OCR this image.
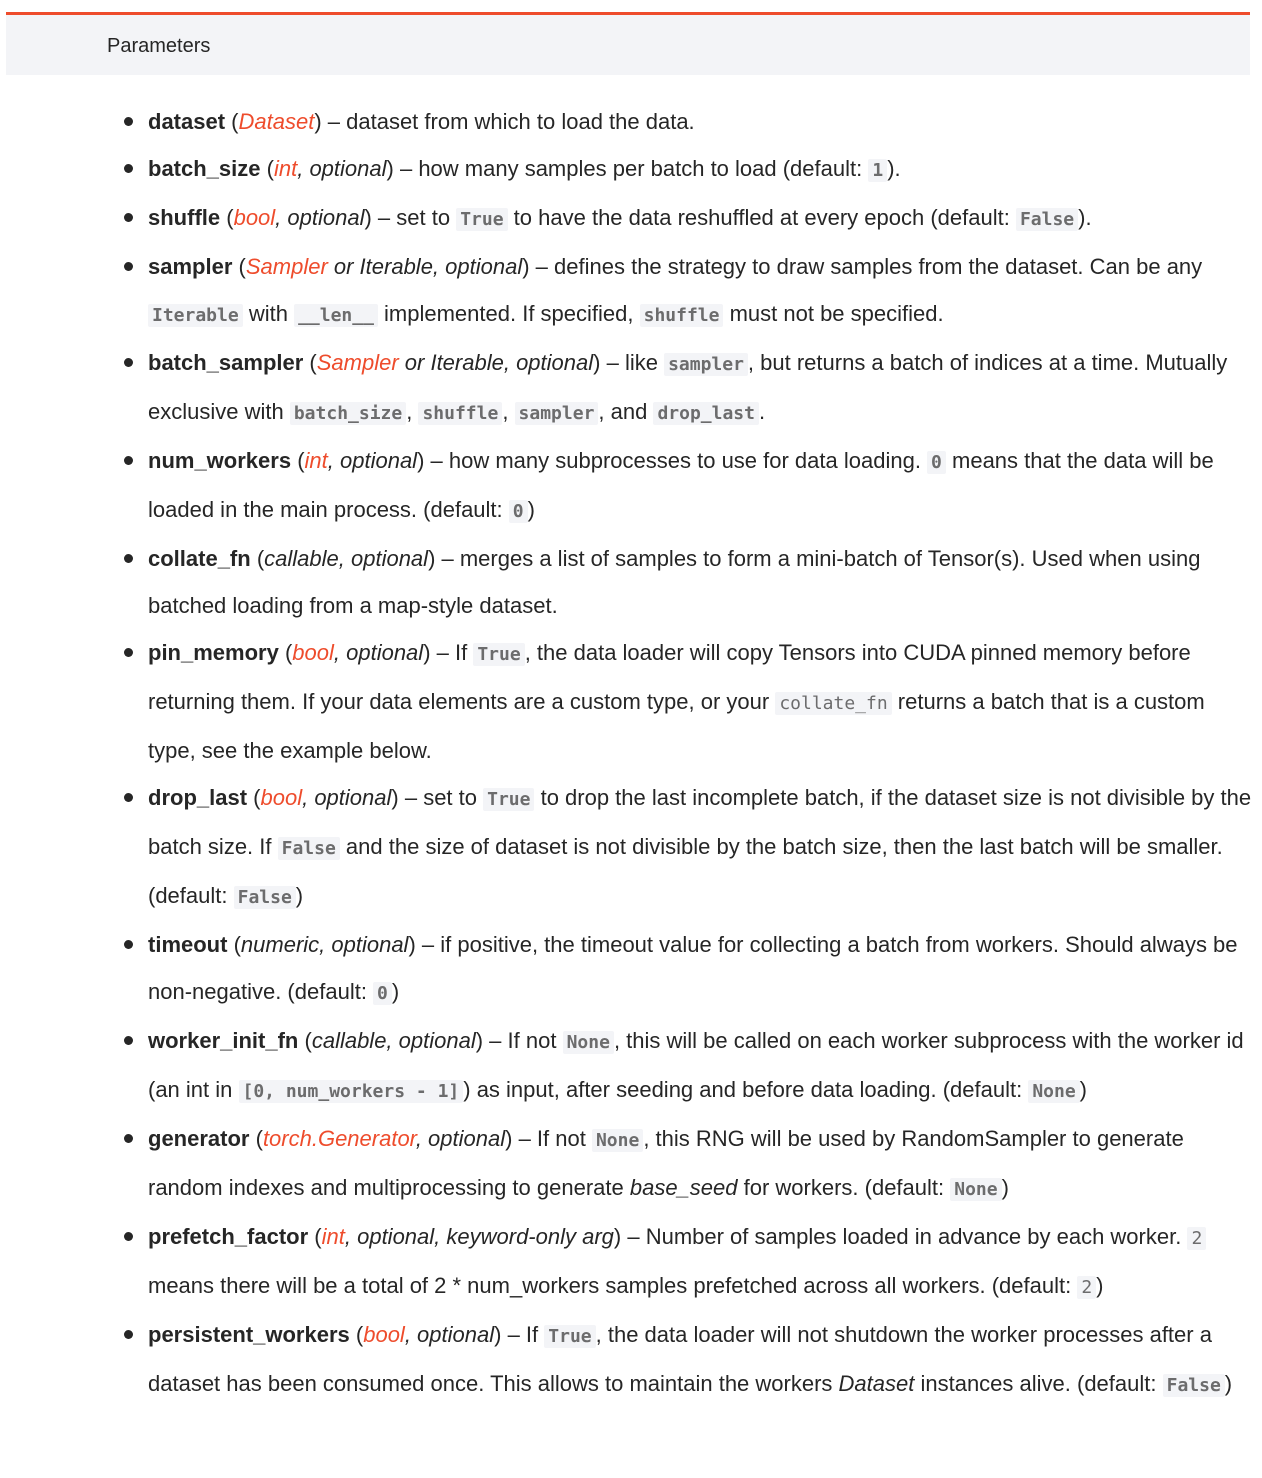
Parameters
dataset (Dataset) – dataset from which to load the data.
batch_size (int, optional) – how many samples per batch to load (default: 1 ).
shuffle (bool, optional) – set to True to have the data reshuffled at every epoch (default: False ).
sampler (Sampler or Iterable, optional) – defines the strategy to draw samples from the dataset. Can be any Iterable with __len__ implemented. If specified, shuffle must not be specified.
batch_sampler (Sampler or Iterable, optional) – like sampler , but returns a batch of indices at a time. Mutually exclusive with batch_size , shuffle , sampler , and drop_last .
num_workers (int, optional) – how many subprocesses to use for data loading. 0 means that the data will be loaded in the main process. (default: 0 )
collate_fn (callable, optional) – merges a list of samples to form a mini-batch of Tensor(s). Used when using batched loading from a map-style dataset.
pin_memory (bool, optional) – If True , the data loader will copy Tensors into CUDA pinned memory before returning them. If your data elements are a custom type, or your collate_fn returns a batch that is a custom type, see the example below.
drop_last (bool, optional) – set to True to drop the last incomplete batch, if the dataset size is not divisible by the batch size. If False and the size of dataset is not divisible by the batch size, then the last batch will be smaller. (default: False )
timeout (numeric, optional) – if positive, the timeout value for collecting a batch from workers. Should always be non-negative. (default: 0 )
worker_init_fn (callable, optional) – If not None , this will be called on each worker subprocess with the worker id (an int in [0, num_workers - 1] ) as input, after seeding and before data loading. (default: None )
generator (torch.Generator, optional) – If not None , this RNG will be used by RandomSampler to generate random indexes and multiprocessing to generate base_seed for workers. (default: None )
prefetch_factor (int, optional, keyword-only arg) – Number of samples loaded in advance by each worker. 2 means there will be a total of 2 * num_workers samples prefetched across all workers. (default: 2 )
persistent_workers (bool, optional) – If True , the data loader will not shutdown the worker processes after a dataset has been consumed once. This allows to maintain the workers Dataset instances alive. (default: False )
